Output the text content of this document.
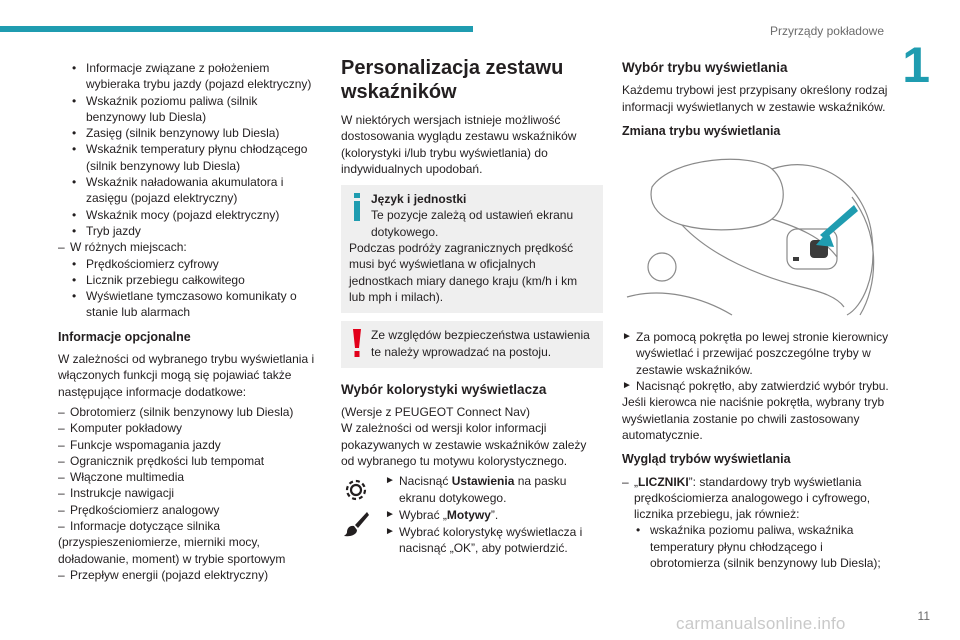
Przyrządy pokładowe
1
11
carmanualsonline.info
• Informacje związane z położeniem wybieraka trybu jazdy (pojazd elektryczny)
• Wskaźnik poziomu paliwa (silnik benzynowy lub Diesla)
• Zasięg (silnik benzynowy lub Diesla)
• Wskaźnik temperatury płynu chłodzącego (silnik benzynowy lub Diesla)
• Wskaźnik naładowania akumulatora i zasięgu (pojazd elektryczny)
• Wskaźnik mocy (pojazd elektryczny)
• Tryb jazdy
– W różnych miejscach:
• Prędkościomierz cyfrowy
• Licznik przebiegu całkowitego
• Wyświetlane tymczasowo komunikaty o stanie lub alarmach
Informacje opcjonalne
W zależności od wybranego trybu wyświetlania i włączonych funkcji mogą się pojawiać także następujące informacje dodatkowe:
– Obrotomierz (silnik benzynowy lub Diesla)
– Komputer pokładowy
– Funkcje wspomagania jazdy
– Ogranicznik prędkości lub tempomat
– Włączone multimedia
– Instrukcje nawigacji
– Prędkościomierz analogowy
– Informacje dotyczące silnika
(przyspieszeniomierze, mierniki mocy, doładowanie, moment) w trybie sportowym
– Przepływ energii (pojazd elektryczny)
Personalizacja zestawu wskaźników
W niektórych wersjach istnieje możliwość dostosowania wyglądu zestawu wskaźników (kolorystyki i/lub trybu wyświetlania) do indywidualnych upodobań.
Język i jednostki
Te pozycje zależą od ustawień ekranu dotykowego.
Podczas podróży zagranicznych prędkość musi być wyświetlana w oficjalnych jednostkach miary danego kraju (km/h i km lub mph i milach).
Ze względów bezpieczeństwa ustawienia te należy wprowadzać na postoju.
Wybór kolorystyki wyświetlacza
(Wersje z PEUGEOT Connect Nav)
W zależności od wersji kolor informacji pokazywanych w zestawie wskaźników zależy od wybranego tu motywu kolorystycznego.
► Nacisnąć Ustawienia na pasku ekranu dotykowego.
► Wybrać „Motywy”.
► Wybrać kolorystykę wyświetlacza i nacisnąć „OK”, aby potwierdzić.
Wybór trybu wyświetlania
Każdemu trybowi jest przypisany określony rodzaj informacji wyświetlanych w zestawie wskaźników.
Zmiana trybu wyświetlania
► Za pomocą pokrętła po lewej stronie kierownicy wyświetlać i przewijać poszczególne tryby w zestawie wskaźników.
► Nacisnąć pokrętło, aby zatwierdzić wybór trybu.
Jeśli kierowca nie naciśnie pokrętła, wybrany tryb wyświetlania zostanie po chwili zastosowany automatycznie.
Wygląd trybów wyświetlania
– „LICZNIKI”: standardowy tryb wyświetlania prędkościomierza analogowego i cyfrowego, licznika przebiegu, jak również:
• wskaźnika poziomu paliwa, wskaźnika temperatury płynu chłodzącego i obrotomierza (silnik benzynowy lub Diesla);
